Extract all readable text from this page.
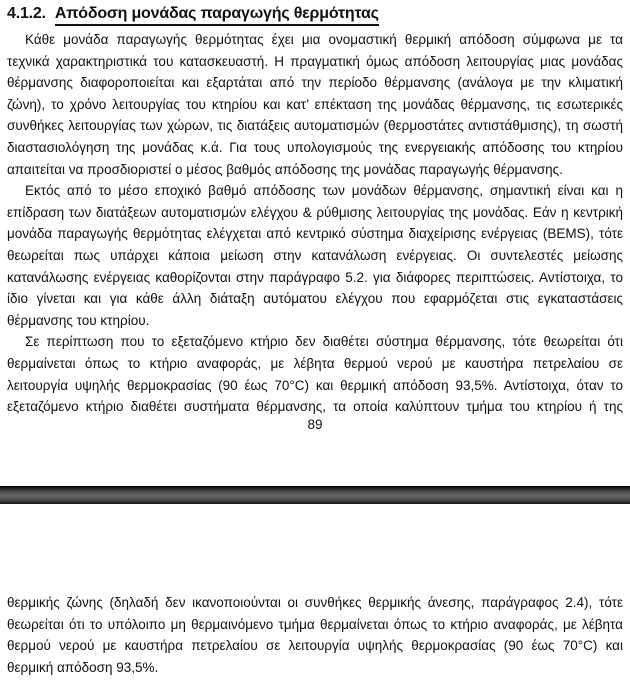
4.1.2. Απόδοση μονάδας παραγωγής θερμότητας
Κάθε μονάδα παραγωγής θερμότητας έχει μια ονομαστική θερμική απόδοση σύμφωνα με τα
τεχνικά χαρακτηριστικά του κατασκευαστή. Η πραγματική όμως απόδοση λειτουργίας μιας μονάδας
θέρμανσης διαφοροποιείται και εξαρτάται από την περίοδο θέρμανσης (ανάλογα με την κλιματική
ζώνη), το χρόνο λειτουργίας του κτηρίου και κατ’ επέκταση της μονάδας θέρμανσης, τις εσωτερικές
συνθήκες λειτουργίας των χώρων, τις διατάξεις αυτοματισμών (θερμοστάτες αντιστάθμισης), τη σωστή
διαστασιολόγηση της μονάδας κ.ά. Για τους υπολογισμούς της ενεργειακής απόδοσης του κτηρίου
απαιτείται να προσδιοριστεί ο μέσος βαθμός απόδοσης της μονάδας παραγωγής θέρμανσης.
Εκτός από το μέσο εποχικό βαθμό απόδοσης των μονάδων θέρμανσης, σημαντική είναι και η
επίδραση των διατάξεων αυτοματισμών ελέγχου & ρύθμισης λειτουργίας της μονάδας. Εάν η κεντρική
μονάδα παραγωγής θερμότητας ελέγχεται από κεντρικό σύστημα διαχείρισης ενέργειας (BEMS), τότε
θεωρείται πως υπάρχει κάποια μείωση στην κατανάλωση ενέργειας. Οι συντελεστές μείωσης
κατανάλωσης ενέργειας καθορίζονται στην παράγραφο 5.2. για διάφορες περιπτώσεις. Αντίστοιχα, το
ίδιο γίνεται και για κάθε άλλη διάταξη αυτόματου ελέγχου που εφαρμόζεται στις εγκαταστάσεις
θέρμανσης του κτηρίου.
Σε περίπτωση που το εξεταζόμενο κτήριο δεν διαθέτει σύστημα θέρμανσης, τότε θεωρείται ότι
θερμαίνεται όπως το κτήριο αναφοράς, με λέβητα θερμού νερού με καυστήρα πετρελαίου σε
λειτουργία υψηλής θερμοκρασίας (90 έως 70°C) και θερμική απόδοση 93,5%. Αντίστοιχα, όταν το
εξεταζόμενο κτήριο διαθέτει συστήματα θέρμανσης, τα οποία καλύπτουν τμήμα του κτηρίου ή της
89
θερμικής ζώνης (δηλαδή δεν ικανοποιούνται οι συνθήκες θερμικής άνεσης, παράγραφος 2.4), τότε
θεωρείται ότι το υπόλοιπο μη θερμαινόμενο τμήμα θερμαίνεται όπως το κτήριο αναφοράς, με λέβητα
θερμού νερού με καυστήρα πετρελαίου σε λειτουργία υψηλής θερμοκρασίας (90 έως 70°C) και
θερμική απόδοση 93,5%.
